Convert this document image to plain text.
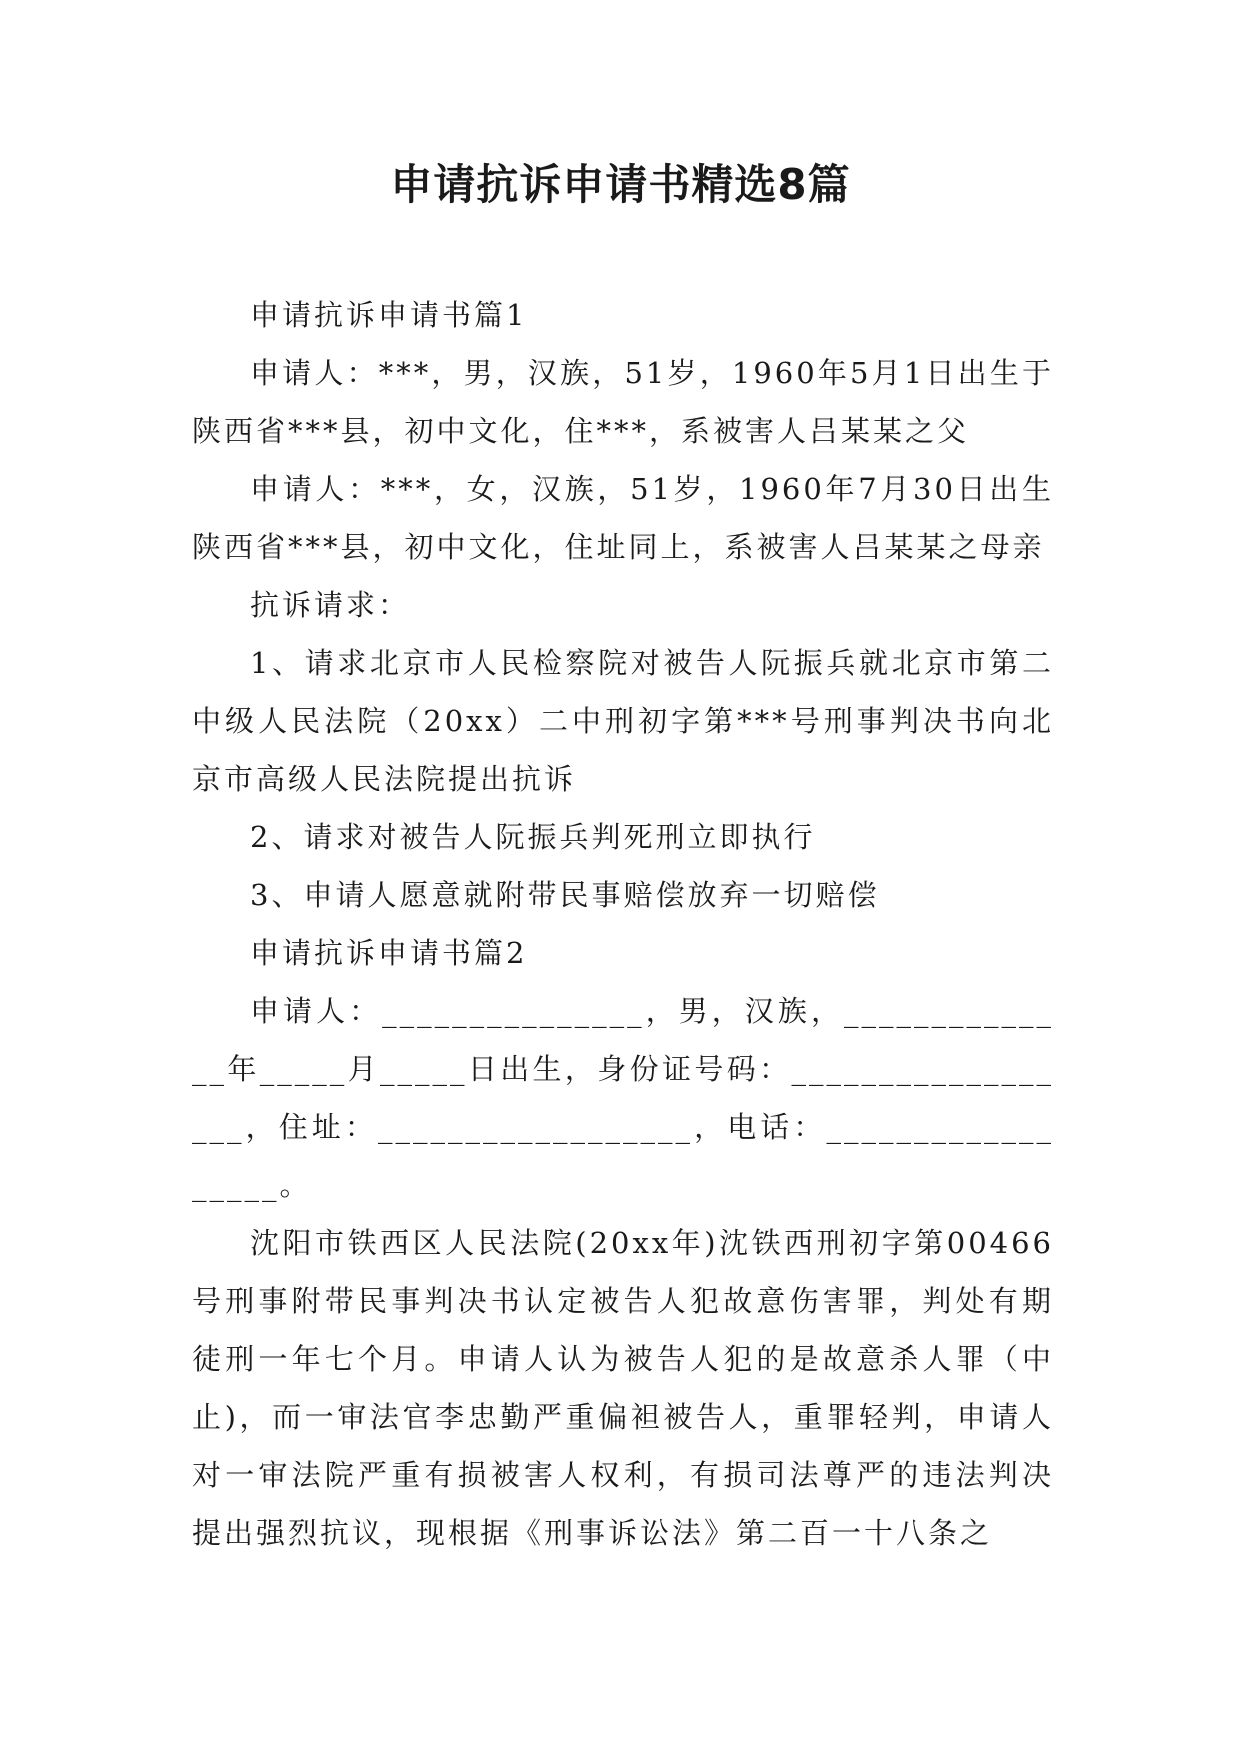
申请抗诉申请书精选8篇

申请抗诉申请书篇1

申请人：***，男，汉族，51岁，1960年5月1日出生于陕西省***县，初中文化，住***，系被害人吕某某之父

申请人：***，女，汉族，51岁，1960年7月30日出生陕西省***县，初中文化，住址同上，系被害人吕某某之母亲

抗诉请求：

1、请求北京市人民检察院对被告人阮振兵就北京市第二中级人民法院（20xx）二中刑初字第***号刑事判决书向北京市高级人民法院提出抗诉

2、请求对被告人阮振兵判死刑立即执行

3、申请人愿意就附带民事赔偿放弃一切赔偿

申请抗诉申请书篇2

申请人：_______________，男，汉族，______________年_____月_____日出生，身份证号码：__________________，住址：__________________，电话：__________________。

沈阳市铁西区人民法院(20xx年)沈铁西刑初字第00466号刑事附带民事判决书认定被告人犯故意伤害罪，判处有期徒刑一年七个月。申请人认为被告人犯的是故意杀人罪（中止)，而一审法官李忠勤严重偏袒被告人，重罪轻判，申请人对一审法院严重有损被害人权利，有损司法尊严的违法判决提出强烈抗议，现根据《刑事诉讼法》第二百一十八条之
